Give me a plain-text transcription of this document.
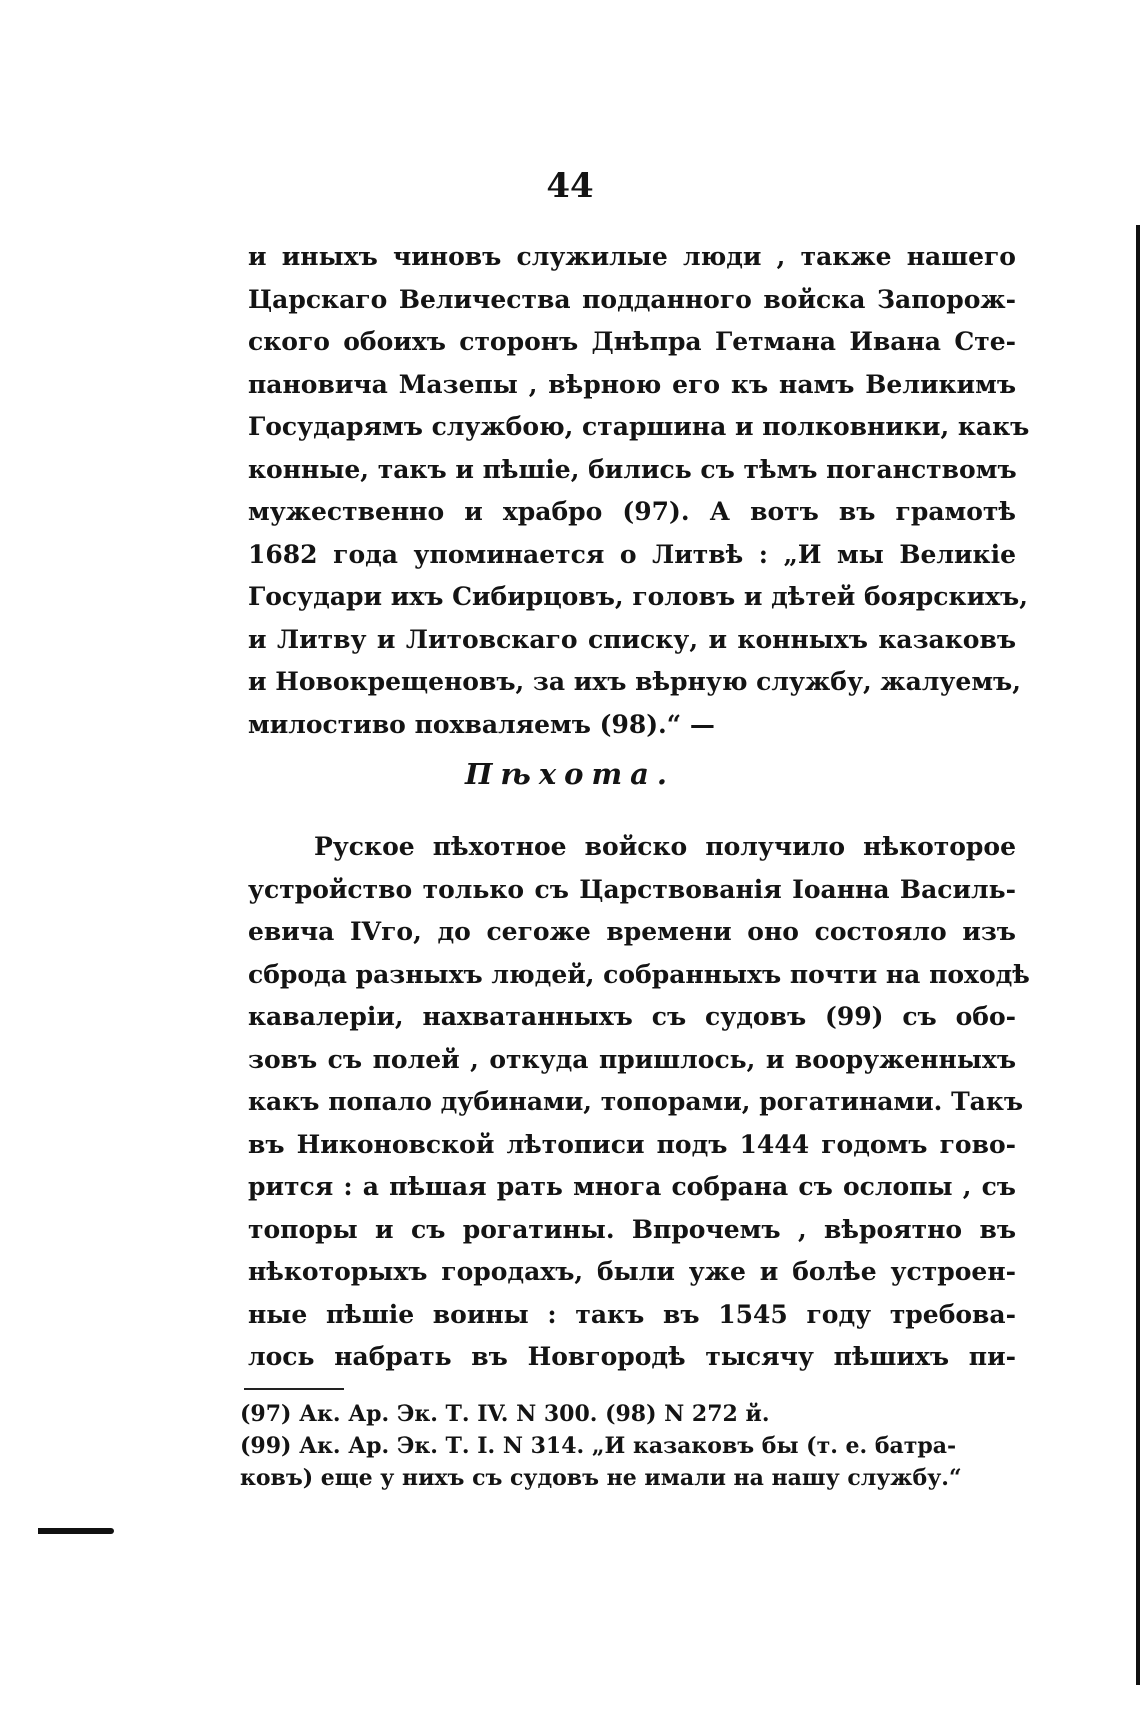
44
и иныхъ чиновъ служилые люди , также нашего
Царскаго Величества подданного войска Запорож-
ского обоихъ сторонъ Днѣпра Гетмана Ивана Сте-
пановича Мазепы , вѣрною его къ намъ Великимъ
Государямъ службою, старшина и полковники, какъ
конные, такъ и пѣшіе, бились съ тѣмъ поганствомъ
мужественно и храбро (97). А вотъ въ грамотѣ
1682 года упоминается о Литвѣ : „И мы Великіе
Государи ихъ Сибирцовъ, головъ и дѣтей боярскихъ,
и Литву и Литовскаго списку, и конныхъ казаковъ
и Новокрещеновъ, за ихъ вѣрную службу, жалуемъ,
милостиво похваляемъ (98).“ —
Пѣхота.
Руское пѣхотное войско получило нѣкоторое
устройство только съ Царствованія Іоанна Василь-
евича IVго, до сегоже времени оно состояло изъ
сброда разныхъ людей, собранныхъ почти на походѣ
кавалеріи, нахватанныхъ съ судовъ (99) съ обо-
зовъ съ полей , откуда пришлось, и вооруженныхъ
какъ попало дубинами, топорами, рогатинами. Такъ
въ Никоновской лѣтописи подъ 1444 годомъ гово-
рится : а пѣшая рать многа собрана съ ослопы , съ
топоры и съ рогатины. Впрочемъ , вѣроятно въ
нѣкоторыхъ городахъ, были уже и болѣе устроен-
ные пѣшіе воины : такъ въ 1545 году требова-
лось набрать въ Новгородѣ тысячу пѣшихъ пи-
(97) Ак. Ар. Эк. Т. IV. N 300. (98) N 272 й.
(99) Ак. Ар. Эк. Т. I. N 314. „И казаковъ бы (т. е. батра-
ковъ) еще у нихъ съ судовъ не имали на нашу службу.“
